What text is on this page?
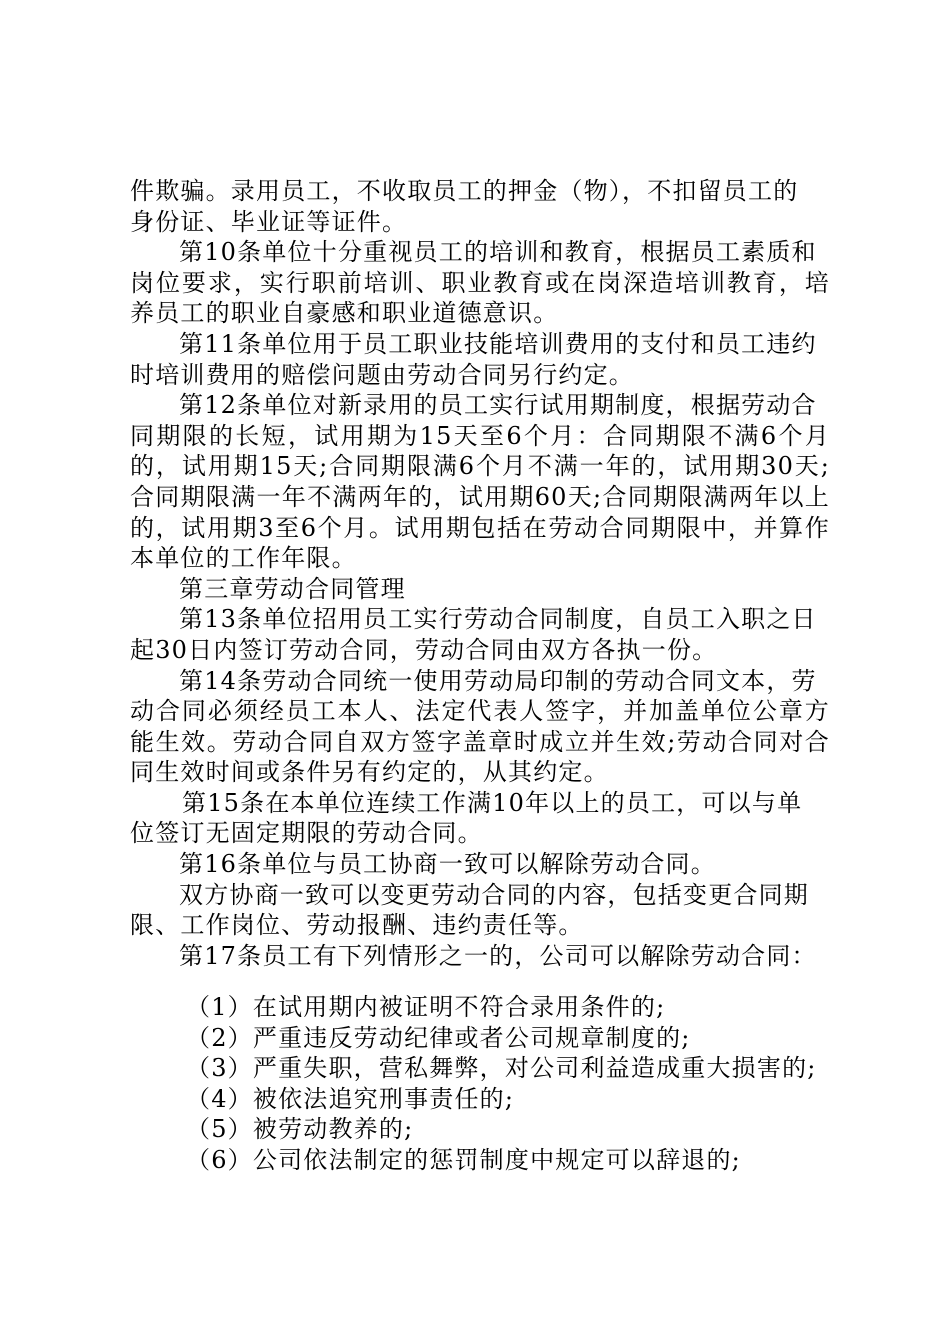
件欺骗。录用员工，不收取员工的押金（物），不扣留员工的
身份证、毕业证等证件。

第10条单位十分重视员工的培训和教育，根据员工素质和
岗位要求，实行职前培训、职业教育或在岗深造培训教育，培养员工的职业自豪感和职业道德意识。

第11条单位用于员工职业技能培训费用的支付和员工违约
时培训费用的赔偿问题由劳动合同另行约定。

第12条单位对新录用的员工实行试用期制度，根据劳动合
同期限的长短，试用期为15天至6个月：合同期限不满6个月的，试用期15天;合同期限满6个月不满一年的，试用期30天;合同期限满一年不满两年的，试用期60天;合同期限满两年以上的，试用期3至6个月。试用期包括在劳动合同期限中，并算作本单位的工作年限。

第三章劳动合同管理

第13条单位招用员工实行劳动合同制度，自员工入职之日
起30日内签订劳动合同，劳动合同由双方各执一份。

第14条劳动合同统一使用劳动局印制的劳动合同文本，劳
动合同必须经员工本人、法定代表人签字，并加盖单位公章方能生效。劳动合同自双方签字盖章时成立并生效;劳动合同对合同生效时间或条件另有约定的，从其约定。

第15条在本单位连续工作满10年以上的员工，可以与单
位签订无固定期限的劳动合同。

第16条单位与员工协商一致可以解除劳动合同。

双方协商一致可以变更劳动合同的内容，包括变更合同期
限、工作岗位、劳动报酬、违约责任等。

第17条员工有下列情形之一的，公司可以解除劳动合同：

（1）在试用期内被证明不符合录用条件的;

（2）严重违反劳动纪律或者公司规章制度的;

（3）严重失职，营私舞弊，对公司利益造成重大损害的;

（4）被依法追究刑事责任的;

（5）被劳动教养的;

（6）公司依法制定的惩罚制度中规定可以辞退的;
